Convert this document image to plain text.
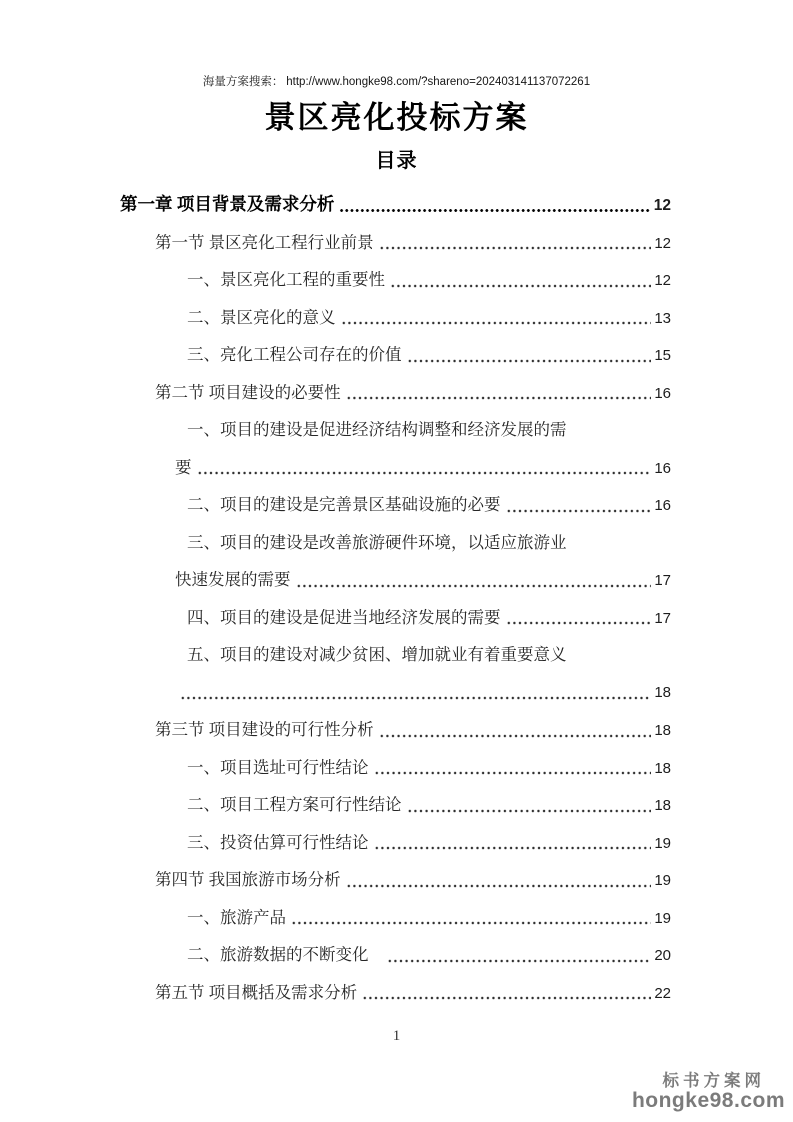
海量方案搜索： http://www.hongke98.com/?shareno=202403141137072261
景区亮化投标方案
目录
第一章 项目背景及需求分析	12
第一节 景区亮化工程行业前景	12
一、景区亮化工程的重要性	12
二、景区亮化的意义	13
三、亮化工程公司存在的价值	15
第二节 项目建设的必要性	16
一、项目的建设是促进经济结构调整和经济发展的需
要	16
二、项目的建设是完善景区基础设施的必要	16
三、项目的建设是改善旅游硬件环境，以适应旅游业
快速发展的需要	17
四、项目的建设是促进当地经济发展的需要	17
五、项目的建设对减少贫困、增加就业有着重要意义
18
第三节 项目建设的可行性分析	18
一、项目选址可行性结论	18
二、项目工程方案可行性结论	18
三、投资估算可行性结论	19
第四节 我国旅游市场分析	19
一、旅游产品	19
二、旅游数据的不断变化	20
第五节 项目概括及需求分析	22
1
标书方案网
hongke98.com
